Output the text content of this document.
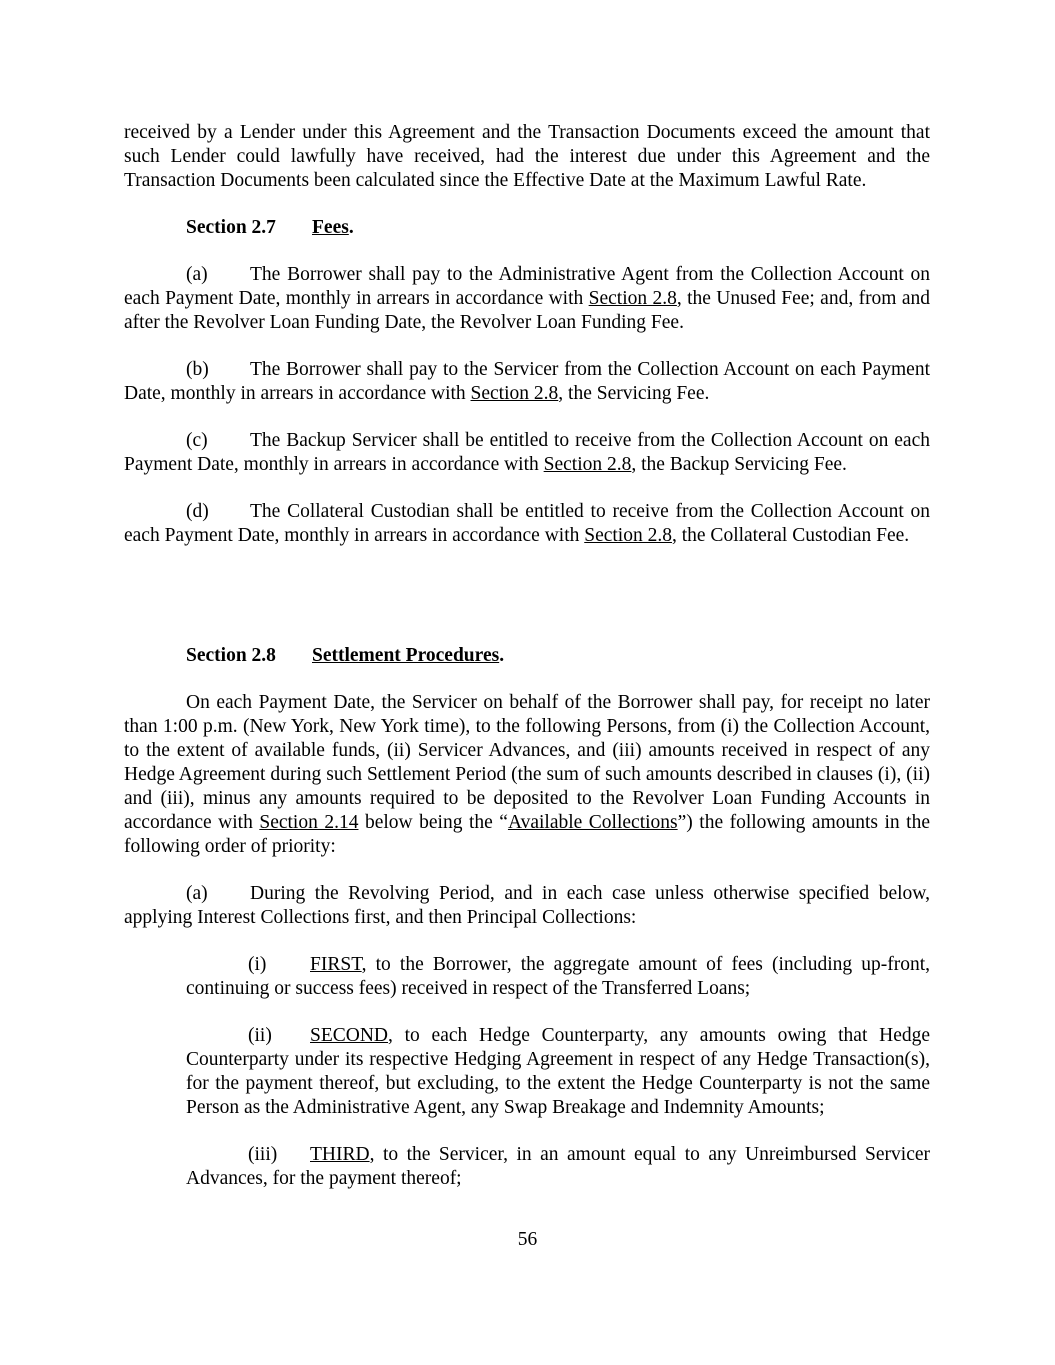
received by a Lender under this Agreement and the Transaction Documents exceed the amount that such Lender could lawfully have received, had the interest due under this Agreement and the Transaction Documents been calculated since the Effective Date at the Maximum Lawful Rate.

Section 2.7 Fees.

(a) The Borrower shall pay to the Administrative Agent from the Collection Account on each Payment Date, monthly in arrears in accordance with Section 2.8, the Unused Fee; and, from and after the Revolver Loan Funding Date, the Revolver Loan Funding Fee.

(b) The Borrower shall pay to the Servicer from the Collection Account on each Payment Date, monthly in arrears in accordance with Section 2.8, the Servicing Fee.

(c) The Backup Servicer shall be entitled to receive from the Collection Account on each Payment Date, monthly in arrears in accordance with Section 2.8, the Backup Servicing Fee.

(d) The Collateral Custodian shall be entitled to receive from the Collection Account on each Payment Date, monthly in arrears in accordance with Section 2.8, the Collateral Custodian Fee.

Section 2.8 Settlement Procedures.

On each Payment Date, the Servicer on behalf of the Borrower shall pay, for receipt no later than 1:00 p.m. (New York, New York time), to the following Persons, from (i) the Collection Account, to the extent of available funds, (ii) Servicer Advances, and (iii) amounts received in respect of any Hedge Agreement during such Settlement Period (the sum of such amounts described in clauses (i), (ii) and (iii), minus any amounts required to be deposited to the Revolver Loan Funding Accounts in accordance with Section 2.14 below being the “Available Collections”) the following amounts in the following order of priority:

(a) During the Revolving Period, and in each case unless otherwise specified below, applying Interest Collections first, and then Principal Collections:

(i) FIRST, to the Borrower, the aggregate amount of fees (including up-front, continuing or success fees) received in respect of the Transferred Loans;

(ii) SECOND, to each Hedge Counterparty, any amounts owing that Hedge Counterparty under its respective Hedging Agreement in respect of any Hedge Transaction(s), for the payment thereof, but excluding, to the extent the Hedge Counterparty is not the same Person as the Administrative Agent, any Swap Breakage and Indemnity Amounts;

(iii) THIRD, to the Servicer, in an amount equal to any Unreimbursed Servicer Advances, for the payment thereof;

56
